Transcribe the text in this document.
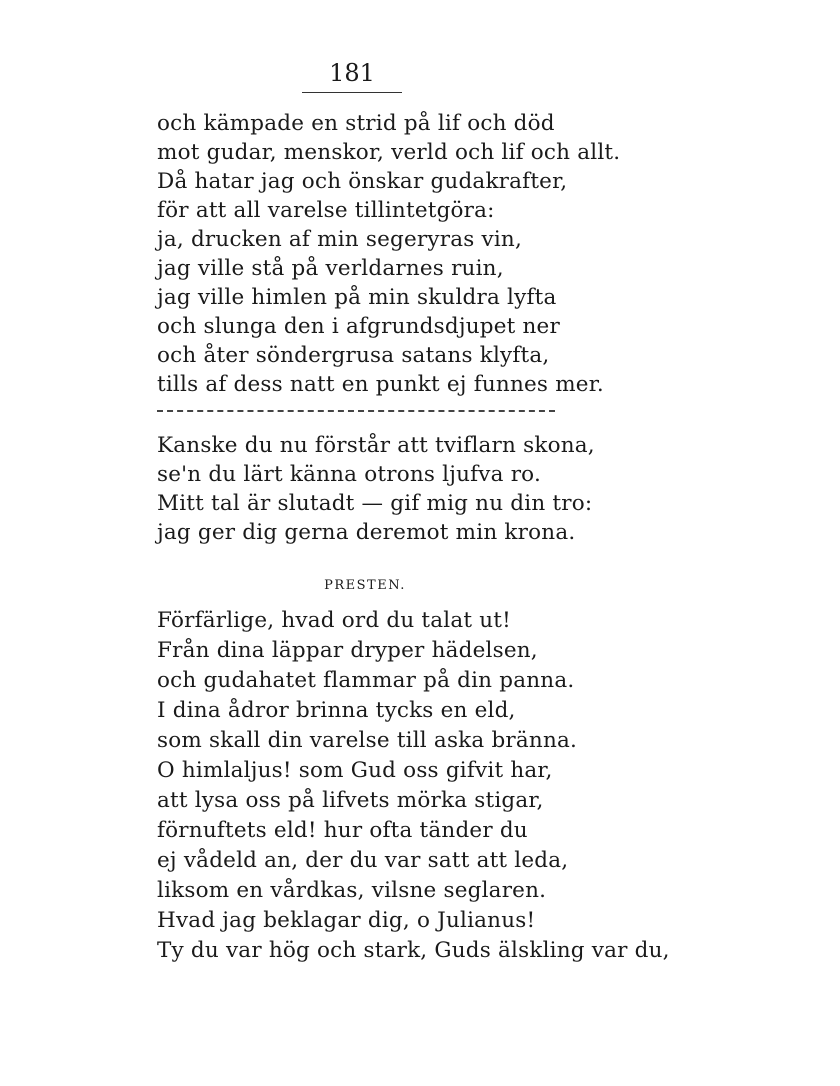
181
och kämpade en strid på lif och död
mot gudar, menskor, verld och lif och allt.
Då hatar jag och önskar gudakrafter,
för att all varelse tillintetgöra:
ja, drucken af min segeryras vin,
jag ville stå på verldarnes ruin,
jag ville himlen på min skuldra lyfta
och slunga den i afgrundsdjupet ner
och åter söndergrusa satans klyfta,
tills af dess natt en punkt ej funnes mer.
Kanske du nu förstår att tviflarn skona,
se'n du lärt känna otrons ljufva ro.
Mitt tal är slutadt — gif mig nu din tro:
jag ger dig gerna deremot min krona.
PRESTEN.
Förfärlige, hvad ord du talat ut!
Från dina läppar dryper hädelsen,
och gudahatet flammar på din panna.
I dina ådror brinna tycks en eld,
som skall din varelse till aska bränna.
O himlaljus! som Gud oss gifvit har,
att lysa oss på lifvets mörka stigar,
förnuftets eld! hur ofta tänder du
ej vådeld an, der du var satt att leda,
liksom en vårdkas, vilsne seglaren.
Hvad jag beklagar dig, o Julianus!
Ty du var hög och stark, Guds älskling var du,
